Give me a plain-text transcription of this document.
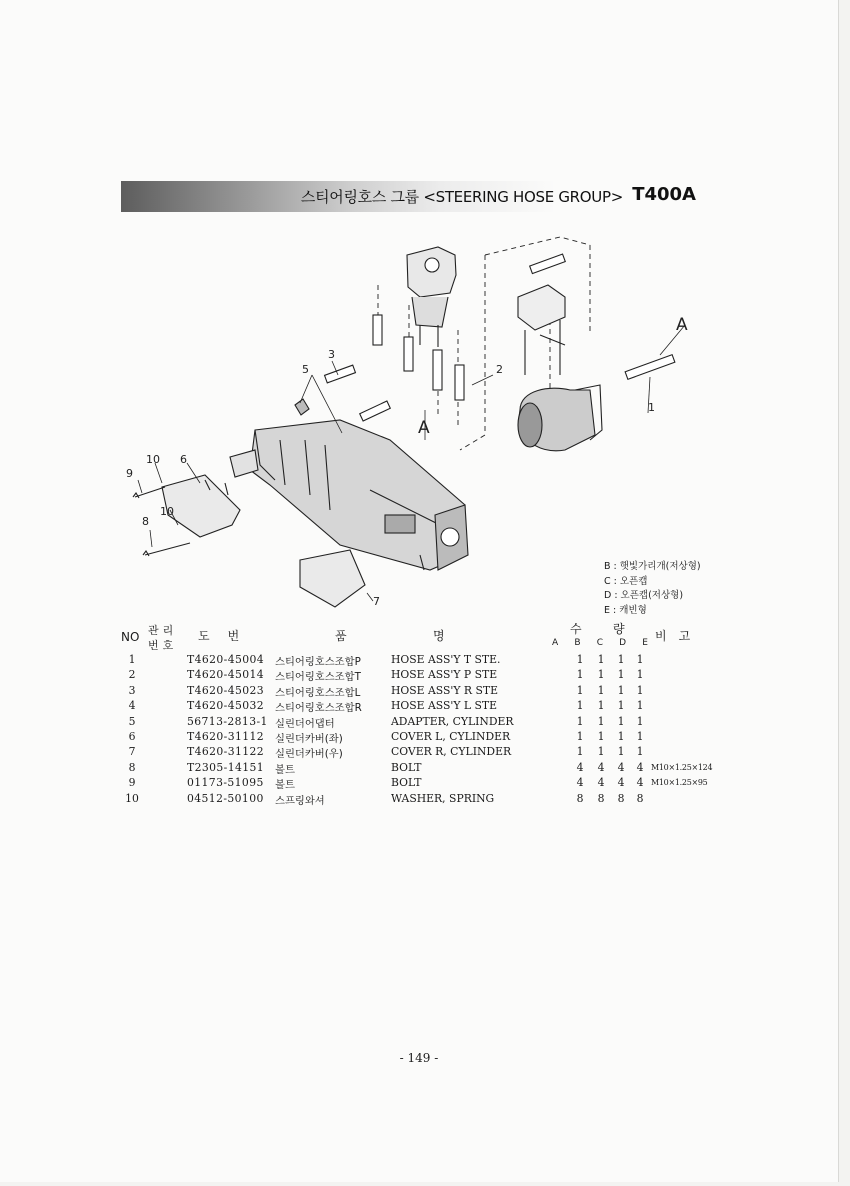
스티어링호스 그룹 <STEERING HOSE GROUP> T400A
1
2
3
5
6
7
8
9
10
10
A
A
B : 햇빛가리개(저상형)
C : 오픈캡
D : 오픈캡(저상형)
E : 캐빈형
NO 관리
번호
도번	품	명	수	량	비고
A B C D E
1	T4620-45004 스티어링호스조합P	HOSE ASS'Y T STE.	1 1 1 1
2	T4620-45014 스티어링호스조합T	HOSE ASS'Y P STE	1 1 1 1
3	T4620-45023 스티어링호스조합L	HOSE ASS'Y R STE	1 1 1 1
4	T4620-45032 스티어링호스조합R	HOSE ASS'Y L STE	1 1 1 1
5	56713-2813-1 실린더어댑터	ADAPTER, CYLINDER	1 1 1 1
6	T4620-31112 실린더카버(좌)	COVER L, CYLINDER	1 1 1 1
7	T4620-31122 실린더카버(우)	COVER R, CYLINDER	1 1 1 1
8	T2305-14151 볼트	BOLT	4 4 4 4 M10×1.25×124
9	01173-51095 볼트	BOLT	4 4 4 4 M10×1.25×95
10	04512-50100 스프링와셔	WASHER, SPRING	8 8 8 8
- 149 -
